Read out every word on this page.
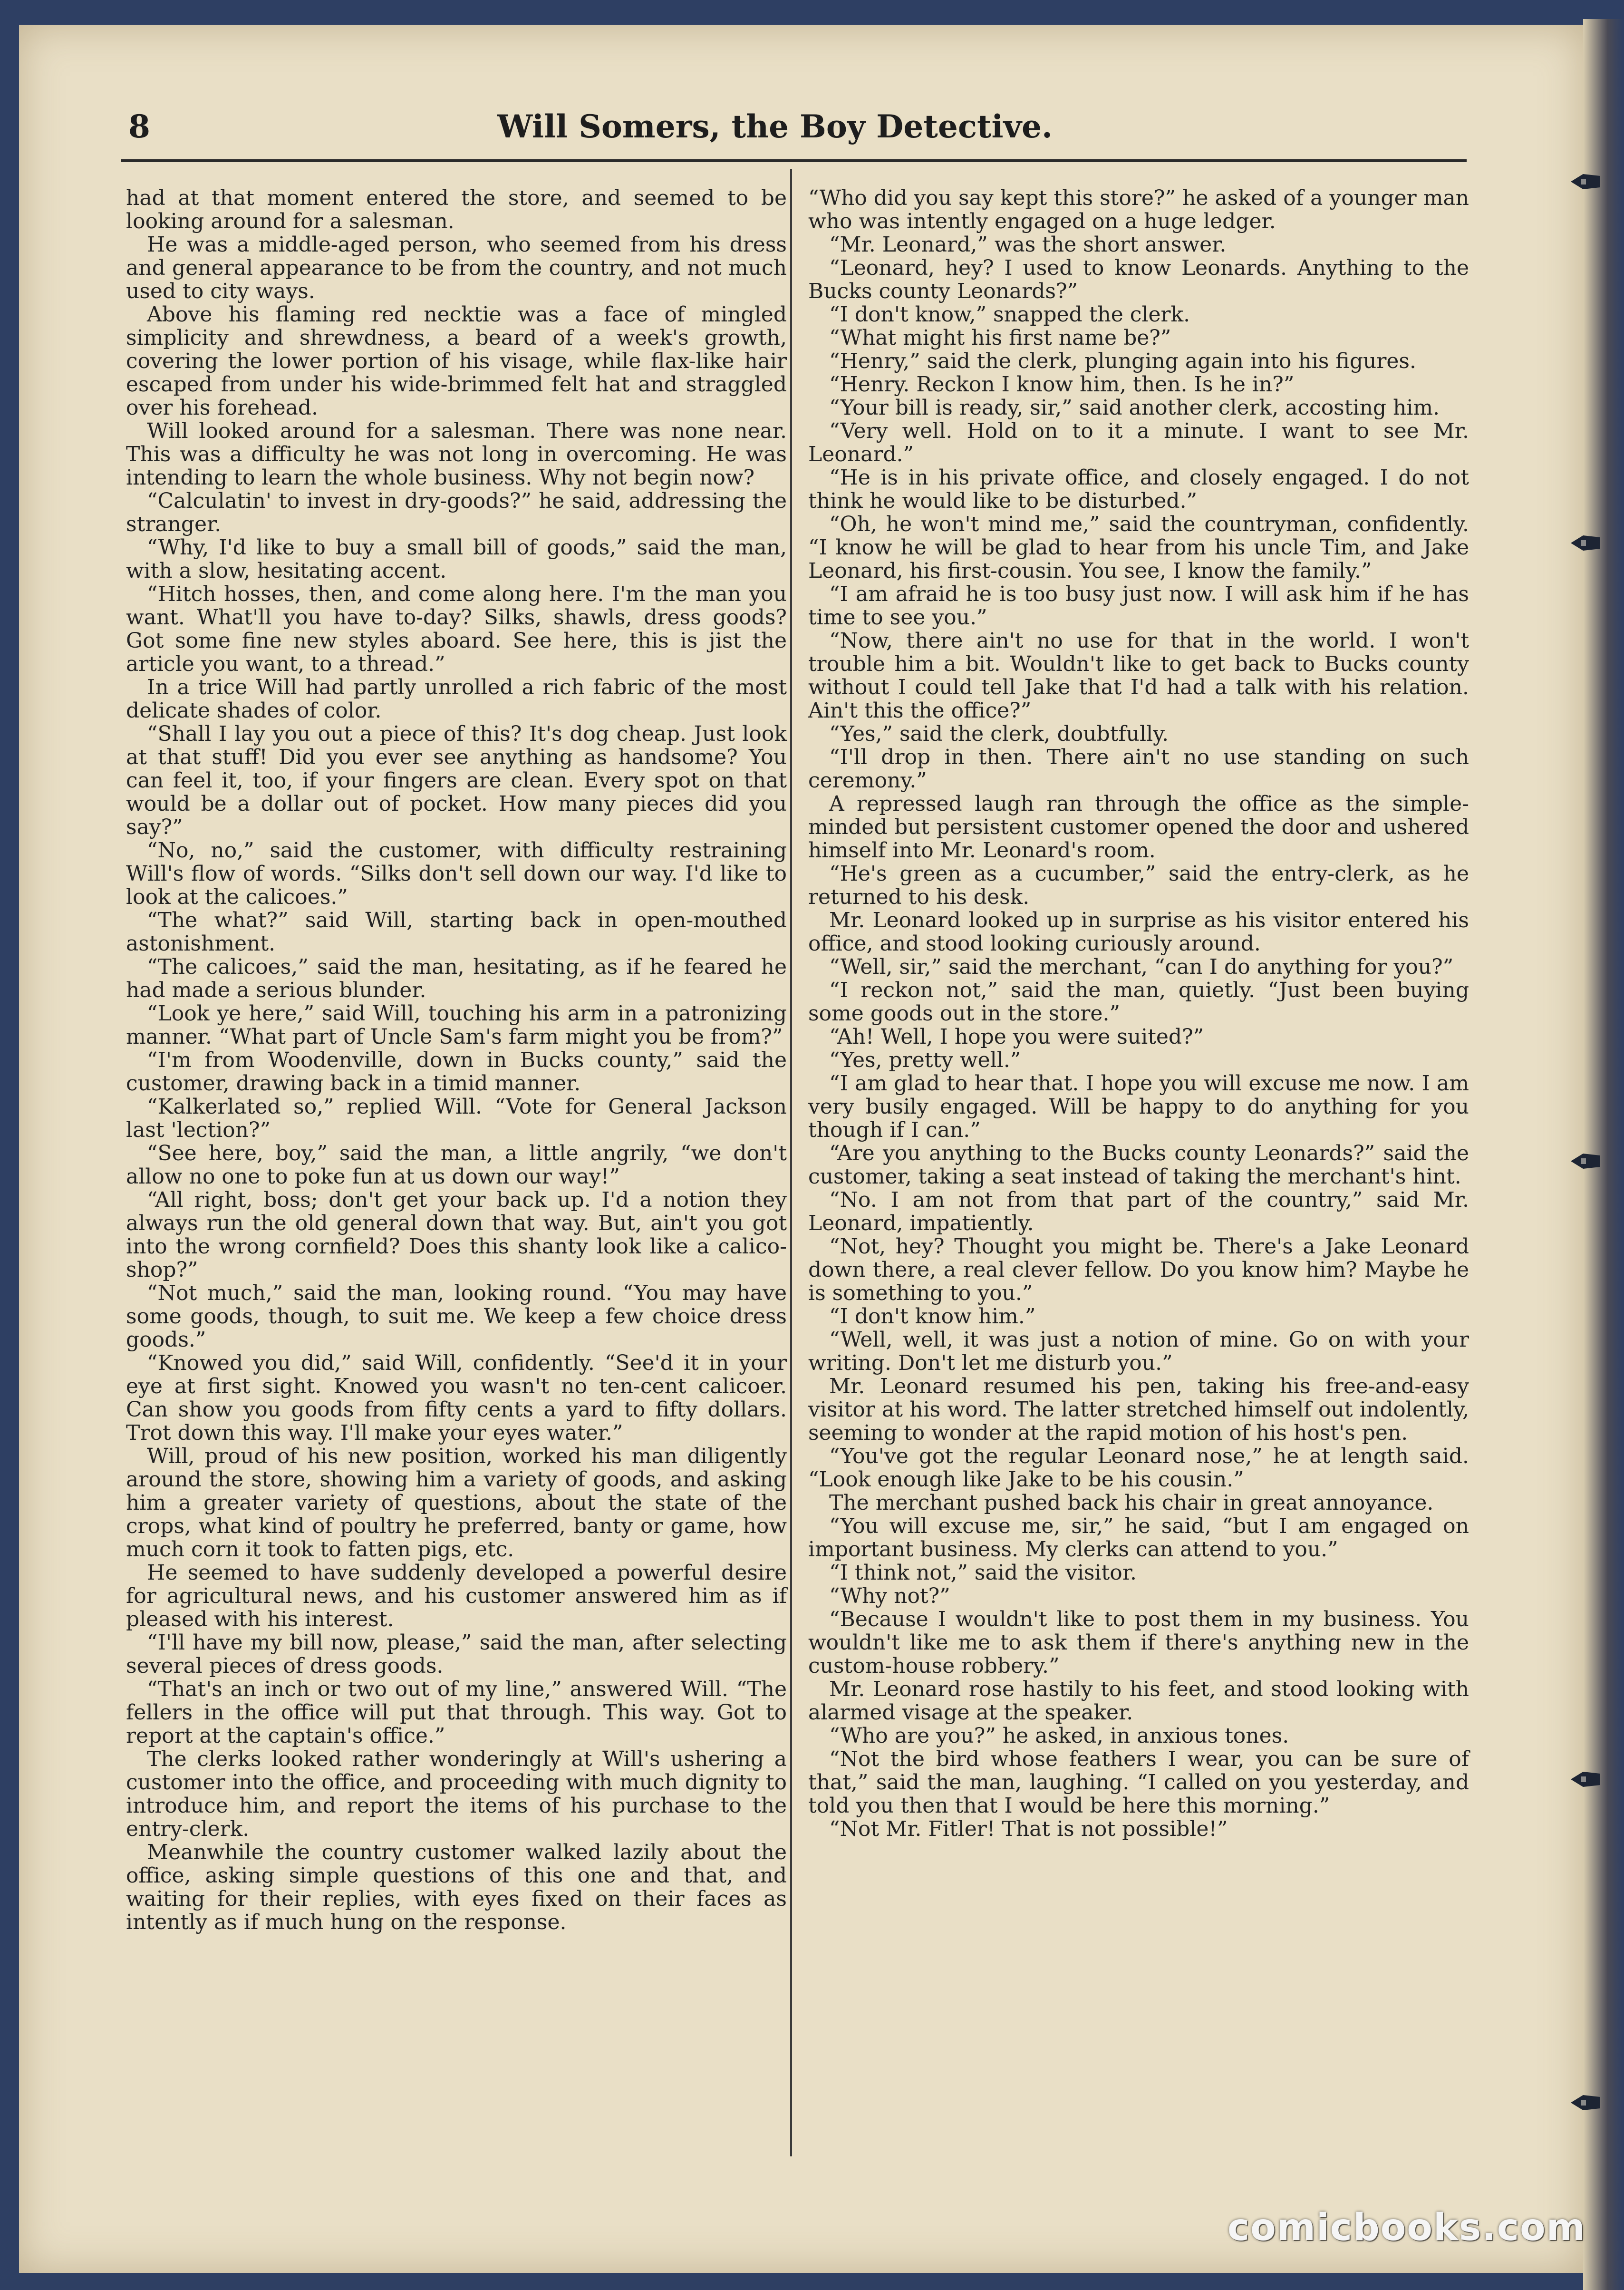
8	Will Somers, the Boy Detective.

had at that moment entered the store, and seemed to be looking around for a salesman.

He was a middle-aged person, who seemed from his dress and general appearance to be from the country, and not much used to city ways.

Above his flaming red necktie was a face of mingled simplicity and shrewdness, a beard of a week's growth, covering the lower portion of his visage, while flax-like hair escaped from under his wide-brimmed felt hat and straggled over his forehead.

Will looked around for a salesman. There was none near. This was a difficulty he was not long in overcoming. He was intending to learn the whole business. Why not begin now?

“Calculatin' to invest in dry-goods?” he said, addressing the stranger.

“Why, I'd like to buy a small bill of goods,” said the man, with a slow, hesitating accent.

“Hitch hosses, then, and come along here. I'm the man you want. What'll you have to-day? Silks, shawls, dress goods? Got some fine new styles aboard. See here, this is jist the article you want, to a thread.”

In a trice Will had partly unrolled a rich fabric of the most delicate shades of color.

“Shall I lay you out a piece of this? It's dog cheap. Just look at that stuff! Did you ever see anything as handsome? You can feel it, too, if your fingers are clean. Every spot on that would be a dollar out of pocket. How many pieces did you say?”

“No, no,” said the customer, with difficulty restraining Will's flow of words. “Silks don't sell down our way. I'd like to look at the calicoes.”

“The what?” said Will, starting back in open-mouthed astonishment.

“The calicoes,” said the man, hesitating, as if he feared he had made a serious blunder.

“Look ye here,” said Will, touching his arm in a patronizing manner. “What part of Uncle Sam's farm might you be from?”

“I'm from Woodenville, down in Bucks county,” said the customer, drawing back in a timid manner.

“Kalkerlated so,” replied Will. “Vote for General Jackson last 'lection?”

“See here, boy,” said the man, a little angrily, “we don't allow no one to poke fun at us down our way!”

“All right, boss; don't get your back up. I'd a notion they always run the old general down that way. But, ain't you got into the wrong cornfield? Does this shanty look like a calico-shop?”

“Not much,” said the man, looking round. “You may have some goods, though, to suit me. We keep a few choice dress goods.”

“Knowed you did,” said Will, confidently. “See'd it in your eye at first sight. Knowed you wasn't no ten-cent calicoer. Can show you goods from fifty cents a yard to fifty dollars. Trot down this way. I'll make your eyes water.”

Will, proud of his new position, worked his man diligently around the store, showing him a variety of goods, and asking him a greater variety of questions, about the state of the crops, what kind of poultry he preferred, banty or game, how much corn it took to fatten pigs, etc.

He seemed to have suddenly developed a powerful desire for agricultural news, and his customer answered him as if pleased with his interest.

“I'll have my bill now, please,” said the man, after selecting several pieces of dress goods.

“That's an inch or two out of my line,” answered Will. “The fellers in the office will put that through. This way. Got to report at the captain's office.”

The clerks looked rather wonderingly at Will's ushering a customer into the office, and proceeding with much dignity to introduce him, and report the items of his purchase to the entry-clerk.

Meanwhile the country customer walked lazily about the office, asking simple questions of this one and that, and waiting for their replies, with eyes fixed on their faces as intently as if much hung on the response.

“Who did you say kept this store?” he asked of a younger man who was intently engaged on a huge ledger.

“Mr. Leonard,” was the short answer.

“Leonard, hey? I used to know Leonards. Anything to the Bucks county Leonards?”

“I don't know,” snapped the clerk.

“What might his first name be?”

“Henry,” said the clerk, plunging again into his figures.

“Henry. Reckon I know him, then. Is he in?”

“Your bill is ready, sir,” said another clerk, accosting him.

“Very well. Hold on to it a minute. I want to see Mr. Leonard.”

“He is in his private office, and closely engaged. I do not think he would like to be disturbed.”

“Oh, he won't mind me,” said the countryman, confidently. “I know he will be glad to hear from his uncle Tim, and Jake Leonard, his first-cousin. You see, I know the family.”

“I am afraid he is too busy just now. I will ask him if he has time to see you.”

“Now, there ain't no use for that in the world. I won't trouble him a bit. Wouldn't like to get back to Bucks county without I could tell Jake that I'd had a talk with his relation. Ain't this the office?”

“Yes,” said the clerk, doubtfully.

“I'll drop in then. There ain't no use standing on such ceremony.”

A repressed laugh ran through the office as the simple-minded but persistent customer opened the door and ushered himself into Mr. Leonard's room.

“He's green as a cucumber,” said the entry-clerk, as he returned to his desk.

Mr. Leonard looked up in surprise as his visitor entered his office, and stood looking curiously around.

“Well, sir,” said the merchant, “can I do anything for you?”

“I reckon not,” said the man, quietly. “Just been buying some goods out in the store.”

“Ah! Well, I hope you were suited?”

“Yes, pretty well.”

“I am glad to hear that. I hope you will excuse me now. I am very busily engaged. Will be happy to do anything for you though if I can.”

“Are you anything to the Bucks county Leonards?” said the customer, taking a seat instead of taking the merchant's hint.

“No. I am not from that part of the country,” said Mr. Leonard, impatiently.

“Not, hey? Thought you might be. There's a Jake Leonard down there, a real clever fellow. Do you know him? Maybe he is something to you.”

“I don't know him.”

“Well, well, it was just a notion of mine. Go on with your writing. Don't let me disturb you.”

Mr. Leonard resumed his pen, taking his free-and-easy visitor at his word. The latter stretched himself out indolently, seeming to wonder at the rapid motion of his host's pen.

“You've got the regular Leonard nose,” he at length said. “Look enough like Jake to be his cousin.”

The merchant pushed back his chair in great annoyance.

“You will excuse me, sir,” he said, “but I am engaged on important business. My clerks can attend to you.”

“I think not,” said the visitor.

“Why not?”

“Because I wouldn't like to post them in my business. You wouldn't like me to ask them if there's anything new in the custom-house robbery.”

Mr. Leonard rose hastily to his feet, and stood looking with alarmed visage at the speaker.

“Who are you?” he asked, in anxious tones.

“Not the bird whose feathers I wear, you can be sure of that,” said the man, laughing. “I called on you yesterday, and told you then that I would be here this morning.”

“Not Mr. Fitler! That is not possible!”

comicbooks.com
